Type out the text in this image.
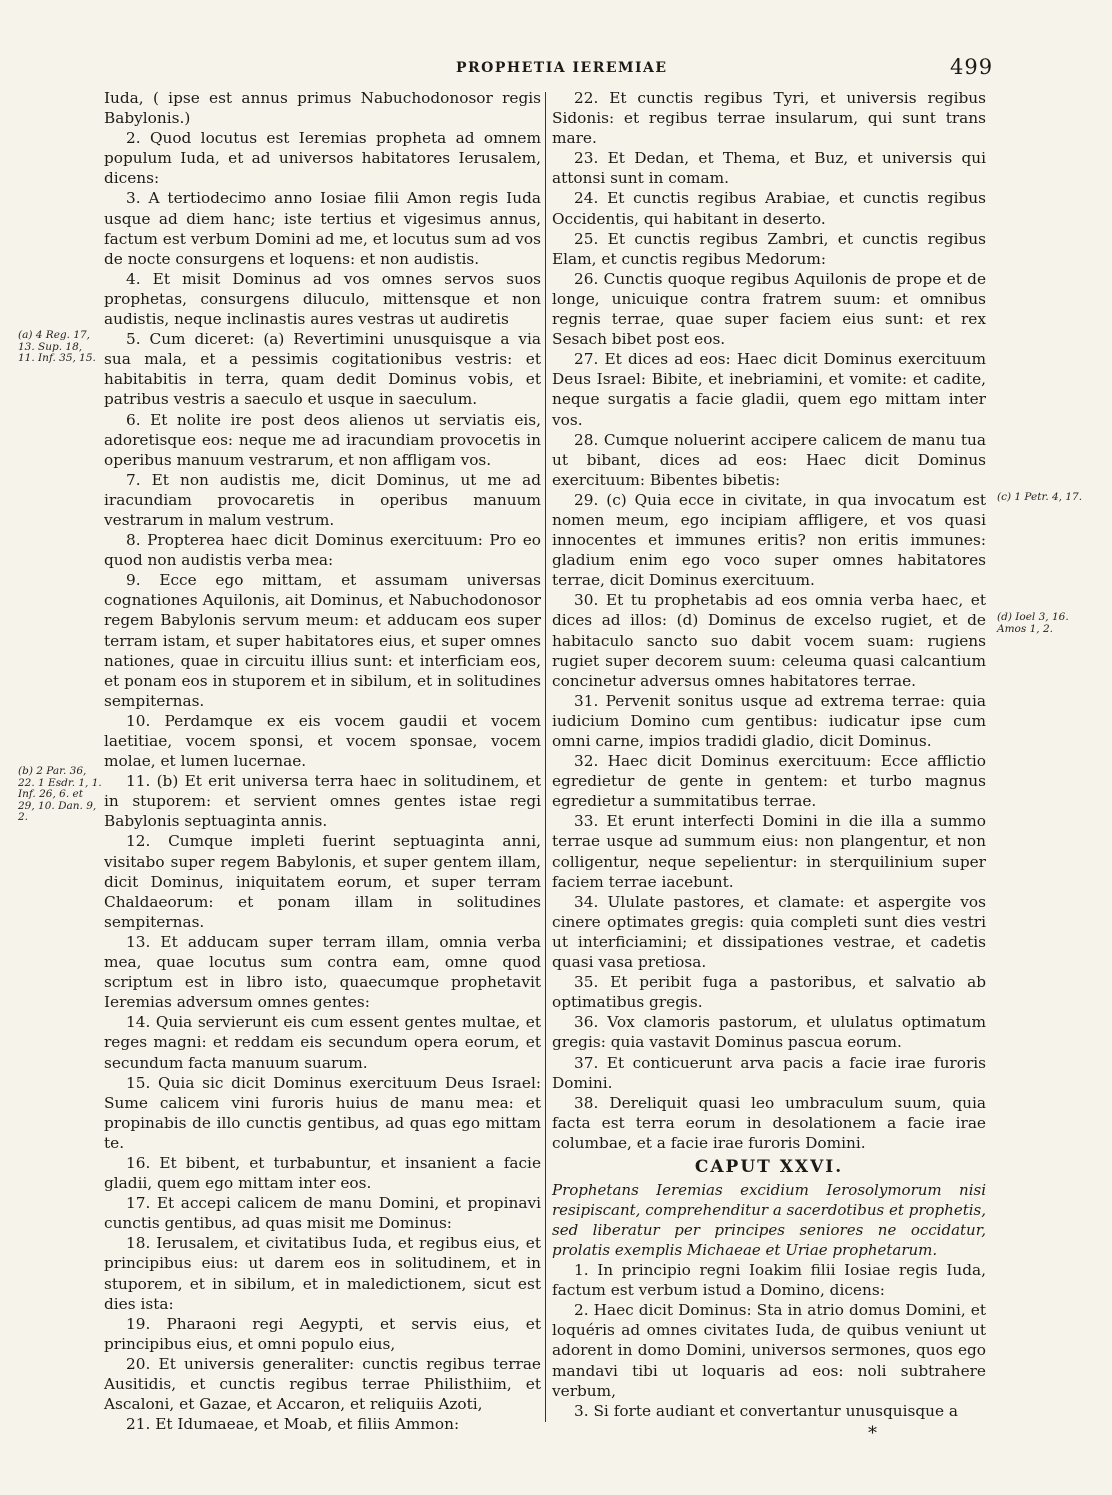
PROPHETIA IEREMIAE	499
(a) 4 Reg. 17, 13. Sup. 18, 11. Inf. 35, 15.
(b) 2 Par. 36, 22. 1 Esdr. 1, 1. Inf. 26, 6. et 29, 10. Dan. 9, 2.
(c) 1 Petr. 4, 17.
(d) Ioel 3, 16. Amos 1, 2.

Iuda, ( ipse est annus primus Nabuchodonosor regis Babylonis.)

2. Quod locutus est Ieremias propheta ad omnem populum Iuda, et ad universos habitatores Ierusalem, dicens:

3. A tertiodecimo anno Iosiae filii Amon regis Iuda usque ad diem hanc; iste tertius et vigesimus annus, factum est verbum Domini ad me, et locutus sum ad vos de nocte consurgens et loquens: et non audistis.

4. Et misit Dominus ad vos omnes servos suos prophetas, consurgens diluculo, mittensque et non audistis, neque inclinastis aures vestras ut audiretis

5. Cum diceret: (a) Revertimini unusquisque a via sua mala, et a pessimis cogitationibus vestris: et habitabitis in terra, quam dedit Dominus vobis, et patribus vestris a saeculo et usque in saeculum.

6. Et nolite ire post deos alienos ut serviatis eis, adoretisque eos: neque me ad iracundiam provocetis in operibus manuum vestrarum, et non affligam vos.

7. Et non audistis me, dicit Dominus, ut me ad iracundiam provocaretis in operibus manuum vestrarum in malum vestrum.

8. Propterea haec dicit Dominus exercituum: Pro eo quod non audistis verba mea:

9. Ecce ego mittam, et assumam universas cognationes Aquilonis, ait Dominus, et Nabuchodonosor regem Babylonis servum meum: et adducam eos super terram istam, et super habitatores eius, et super omnes nationes, quae in circuitu illius sunt: et interficiam eos, et ponam eos in stuporem et in sibilum, et in solitudines sempiternas.

10. Perdamque ex eis vocem gaudii et vocem laetitiae, vocem sponsi, et vocem sponsae, vocem molae, et lumen lucernae.

11. (b) Et erit universa terra haec in solitudinem, et in stuporem: et servient omnes gentes istae regi Babylonis septuaginta annis.

12. Cumque impleti fuerint septuaginta anni, visitabo super regem Babylonis, et super gentem illam, dicit Dominus, iniquitatem eorum, et super terram Chaldaeorum: et ponam illam in solitudines sempiternas.

13. Et adducam super terram illam, omnia verba mea, quae locutus sum contra eam, omne quod scriptum est in libro isto, quaecumque prophetavit Ieremias adversum omnes gentes:

14. Quia servierunt eis cum essent gentes multae, et reges magni: et reddam eis secundum opera eorum, et secundum facta manuum suarum.

15. Quia sic dicit Dominus exercituum Deus Israel: Sume calicem vini furoris huius de manu mea: et propinabis de illo cunctis gentibus, ad quas ego mittam te.

16. Et bibent, et turbabuntur, et insanient a facie gladii, quem ego mittam inter eos.

17. Et accepi calicem de manu Domini, et propinavi cunctis gentibus, ad quas misit me Dominus:

18. Ierusalem, et civitatibus Iuda, et regibus eius, et principibus eius: ut darem eos in solitudinem, et in stuporem, et in sibilum, et in maledictionem, sicut est dies ista:

19. Pharaoni regi Aegypti, et servis eius, et principibus eius, et omni populo eius,

20. Et universis generaliter: cunctis regibus terrae Ausitidis, et cunctis regibus terrae Philisthiim, et Ascaloni, et Gazae, et Accaron, et reliquiis Azoti,

21. Et Idumaeae, et Moab, et filiis Ammon:

22. Et cunctis regibus Tyri, et universis regibus Sidonis: et regibus terrae insularum, qui sunt trans mare.

23. Et Dedan, et Thema, et Buz, et universis qui attonsi sunt in comam.

24. Et cunctis regibus Arabiae, et cunctis regibus Occidentis, qui habitant in deserto.

25. Et cunctis regibus Zambri, et cunctis regibus Elam, et cunctis regibus Medorum:

26. Cunctis quoque regibus Aquilonis de prope et de longe, unicuique contra fratrem suum: et omnibus regnis terrae, quae super faciem eius sunt: et rex Sesach bibet post eos.

27. Et dices ad eos: Haec dicit Dominus exercituum Deus Israel: Bibite, et inebriamini, et vomite: et cadite, neque surgatis a facie gladii, quem ego mittam inter vos.

28. Cumque noluerint accipere calicem de manu tua ut bibant, dices ad eos: Haec dicit Dominus exercituum: Bibentes bibetis:

29. (c) Quia ecce in civitate, in qua invocatum est nomen meum, ego incipiam affligere, et vos quasi innocentes et immunes eritis? non eritis immunes: gladium enim ego voco super omnes habitatores terrae, dicit Dominus exercituum.

30. Et tu prophetabis ad eos omnia verba haec, et dices ad illos: (d) Dominus de excelso rugiet, et de habitaculo sancto suo dabit vocem suam: rugiens rugiet super decorem suum: celeuma quasi calcantium concinetur adversus omnes habitatores terrae.

31. Pervenit sonitus usque ad extrema terrae: quia iudicium Domino cum gentibus: iudicatur ipse cum omni carne, impios tradidi gladio, dicit Dominus.

32. Haec dicit Dominus exercituum: Ecce afflictio egredietur de gente in gentem: et turbo magnus egredietur a summitatibus terrae.

33. Et erunt interfecti Domini in die illa a summo terrae usque ad summum eius: non plangentur, et non colligentur, neque sepelientur: in sterquilinium super faciem terrae iacebunt.

34. Ululate pastores, et clamate: et aspergite vos cinere optimates gregis: quia completi sunt dies vestri ut interficiamini; et dissipationes vestrae, et cadetis quasi vasa pretiosa.

35. Et peribit fuga a pastoribus, et salvatio ab optimatibus gregis.

36. Vox clamoris pastorum, et ululatus optimatum gregis: quia vastavit Dominus pascua eorum.

37. Et conticuerunt arva pacis a facie irae furoris Domini.

38. Dereliquit quasi leo umbraculum suum, quia facta est terra eorum in desolationem a facie irae columbae, et a facie irae furoris Domini.

CAPUT XXVI.

Prophetans Ieremias excidium Ierosolymorum nisi resipiscant, comprehenditur a sacerdotibus et prophetis, sed liberatur per principes seniores ne occidatur, prolatis exemplis Michaeae et Uriae prophetarum.

1. In principio regni Ioakim filii Iosiae regis Iuda, factum est verbum istud a Domino, dicens:

2. Haec dicit Dominus: Sta in atrio domus Domini, et loquéris ad omnes civitates Iuda, de quibus veniunt ut adorent in domo Domini, universos sermones, quos ego mandavi tibi ut loquaris ad eos: noli subtrahere verbum,

3. Si forte audiant et convertantur unusquisque a

*
